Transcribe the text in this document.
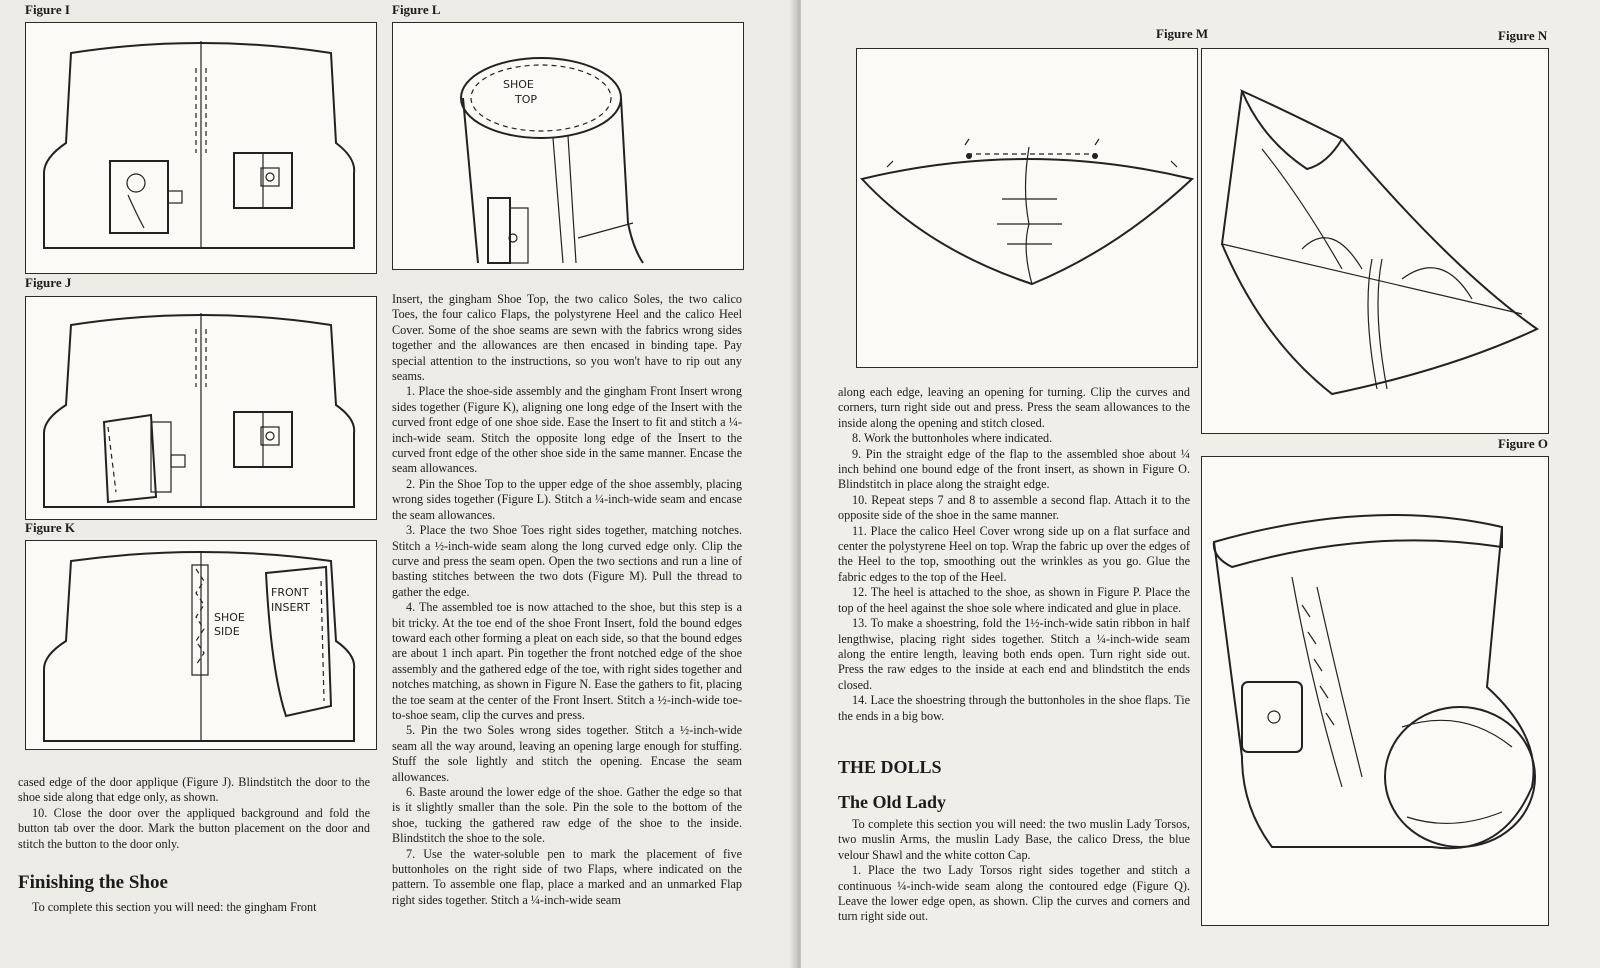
Figure I
Figure J
Figure K
SHOE
SIDE
FRONT
INSERT
Figure L
SHOE
TOP

cased edge of the door applique (Figure J). Blindstitch the door to the shoe side along that edge only, as shown.

10. Close the door over the appliqued background and fold the button tab over the door. Mark the button placement on the door and stitch the button to the door only.

Finishing the Shoe

To complete this section you will need: the gingham Front

Insert, the gingham Shoe Top, the two calico Soles, the two calico Toes, the four calico Flaps, the polystyrene Heel and the calico Heel Cover. Some of the shoe seams are sewn with the fabrics wrong sides together and the allowances are then encased in binding tape. Pay special attention to the instructions, so you won't have to rip out any seams.

1. Place the shoe-side assembly and the gingham Front Insert wrong sides together (Figure K), aligning one long edge of the Insert with the curved front edge of one shoe side. Ease the Insert to fit and stitch a ¼-inch-wide seam. Stitch the opposite long edge of the Insert to the curved front edge of the other shoe side in the same manner. Encase the seam allowances.

2. Pin the Shoe Top to the upper edge of the shoe assembly, placing wrong sides together (Figure L). Stitch a ¼-inch-wide seam and encase the seam allowances.

3. Place the two Shoe Toes right sides together, matching notches. Stitch a ½-inch-wide seam along the long curved edge only. Clip the curve and press the seam open. Open the two sections and run a line of basting stitches between the two dots (Figure M). Pull the thread to gather the edge.

4. The assembled toe is now attached to the shoe, but this step is a bit tricky. At the toe end of the shoe Front Insert, fold the bound edges toward each other forming a pleat on each side, so that the bound edges are about 1 inch apart. Pin together the front notched edge of the shoe assembly and the gathered edge of the toe, with right sides together and notches matching, as shown in Figure N. Ease the gathers to fit, placing the toe seam at the center of the Front Insert. Stitch a ½-inch-wide toe-to-shoe seam, clip the curves and press.

5. Pin the two Soles wrong sides together. Stitch a ½-inch-wide seam all the way around, leaving an opening large enough for stuffing. Stuff the sole lightly and stitch the opening. Encase the seam allowances.

6. Baste around the lower edge of the shoe. Gather the edge so that is it slightly smaller than the sole. Pin the sole to the bottom of the shoe, tucking the gathered raw edge of the shoe to the inside. Blindstitch the shoe to the sole.

7. Use the water-soluble pen to mark the placement of five buttonholes on the right side of two Flaps, where indicated on the pattern. To assemble one flap, place a marked and an unmarked Flap right sides together. Stitch a ¼-inch-wide seam

Figure M	Figure N
Figure O

along each edge, leaving an opening for turning. Clip the curves and corners, turn right side out and press. Press the seam allowances to the inside along the opening and stitch closed.

8. Work the buttonholes where indicated.

9. Pin the straight edge of the flap to the assembled shoe about ¼ inch behind one bound edge of the front insert, as shown in Figure O. Blindstitch in place along the straight edge.

10. Repeat steps 7 and 8 to assemble a second flap. Attach it to the opposite side of the shoe in the same manner.

11. Place the calico Heel Cover wrong side up on a flat surface and center the polystyrene Heel on top. Wrap the fabric up over the edges of the Heel to the top, smoothing out the wrinkles as you go. Glue the fabric edges to the top of the Heel.

12. The heel is attached to the shoe, as shown in Figure P. Place the top of the heel against the shoe sole where indicated and glue in place.

13. To make a shoestring, fold the 1½-inch-wide satin ribbon in half lengthwise, placing right sides together. Stitch a ¼-inch-wide seam along the entire length, leaving both ends open. Turn right side out. Press the raw edges to the inside at each end and blindstitch the ends closed.

14. Lace the shoestring through the buttonholes in the shoe flaps. Tie the ends in a big bow.

THE DOLLS
The Old Lady

To complete this section you will need: the two muslin Lady Torsos, two muslin Arms, the muslin Lady Base, the calico Dress, the blue velour Shawl and the white cotton Cap.

1. Place the two Lady Torsos right sides together and stitch a continuous ¼-inch-wide seam along the contoured edge (Figure Q). Leave the lower edge open, as shown. Clip the curves and corners and turn right side out.
